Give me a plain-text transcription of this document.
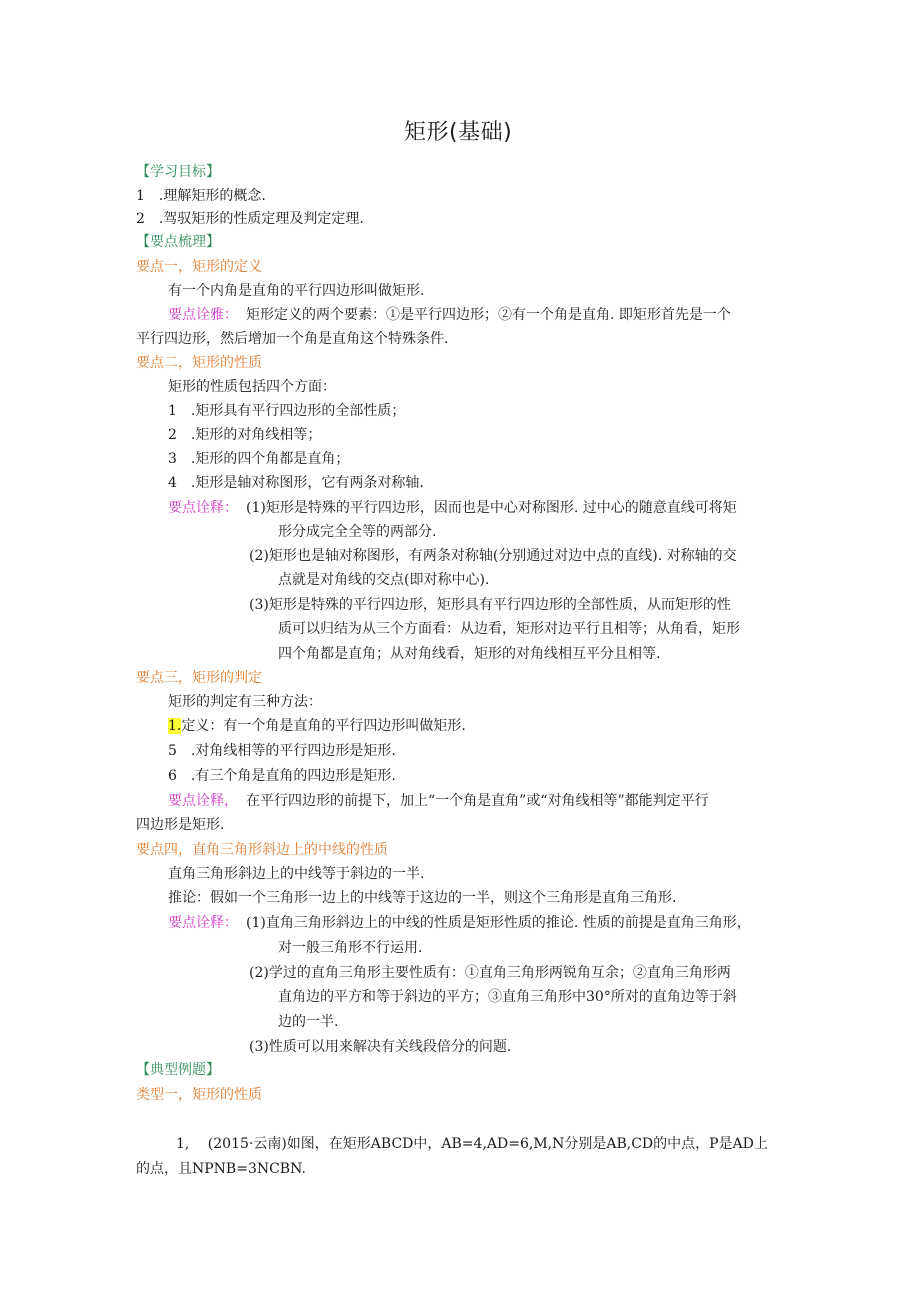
矩形(基础)
【学习目标】
1　.理解矩形的概念.
2　.驾驭矩形的性质定理及判定定理.
【要点梳理】
要点一，矩形的定义
有一个内角是直角的平行四边形叫做矩形.
要点诠雅： 矩形定义的两个要素：①是平行四边形；②有一个角是直角. 即矩形首先是一个
平行四边形，然后增加一个角是直角这个特殊条件.
要点二，矩形的性质
矩形的性质包括四个方面：
1　.矩形具有平行四边形的全部性质；
2　.矩形的对角线相等；
3　.矩形的四个角都是直角；
4　.矩形是轴对称图形，它有两条对称轴.
要点诠释： (1)矩形是特殊的平行四边形，因而也是中心对称图形. 过中心的随意直线可将矩
形分成完全全等的两部分.
(2)矩形也是轴对称图形，有两条对称轴(分别通过对边中点的直线). 对称轴的交
点就是对角线的交点(即对称中心).
(3)矩形是特殊的平行四边形，矩形具有平行四边形的全部性质，从而矩形的性
质可以归结为从三个方面看：从边看，矩形对边平行且相等；从角看，矩形
四个角都是直角；从对角线看，矩形的对角线相互平分且相等.
要点三，矩形的判定
矩形的判定有三种方法：
1.定义：有一个角是直角的平行四边形叫做矩形.
5　.对角线相等的平行四边形是矩形.
6　.有三个角是直角的四边形是矩形.
要点诠释， 在平行四边形的前提下，加上“一个角是直角”或“对角线相等”都能判定平行
四边形是矩形.
要点四，直角三角形斜边上的中线的性质
直角三角形斜边上的中线等于斜边的一半.
推论：假如一个三角形一边上的中线等于这边的一半，则这个三角形是直角三角形.
要点诠释： (1)直角三角形斜边上的中线的性质是矩形性质的推论. 性质的前提是直角三角形，
对一般三角形不行运用.
(2)学过的直角三角形主要性质有：①直角三角形两锐角互余；②直角三角形两
直角边的平方和等于斜边的平方；③直角三角形中30°所对的直角边等于斜
边的一半.
(3)性质可以用来解决有关线段倍分的问题.
【典型例题】
类型一，矩形的性质
1,　 (2015·云南)如图，在矩形ABCD中，AB=4,AD=6,M,N分别是AB,CD的中点，P是AD上
的点，且NPNB=3NCBN.
